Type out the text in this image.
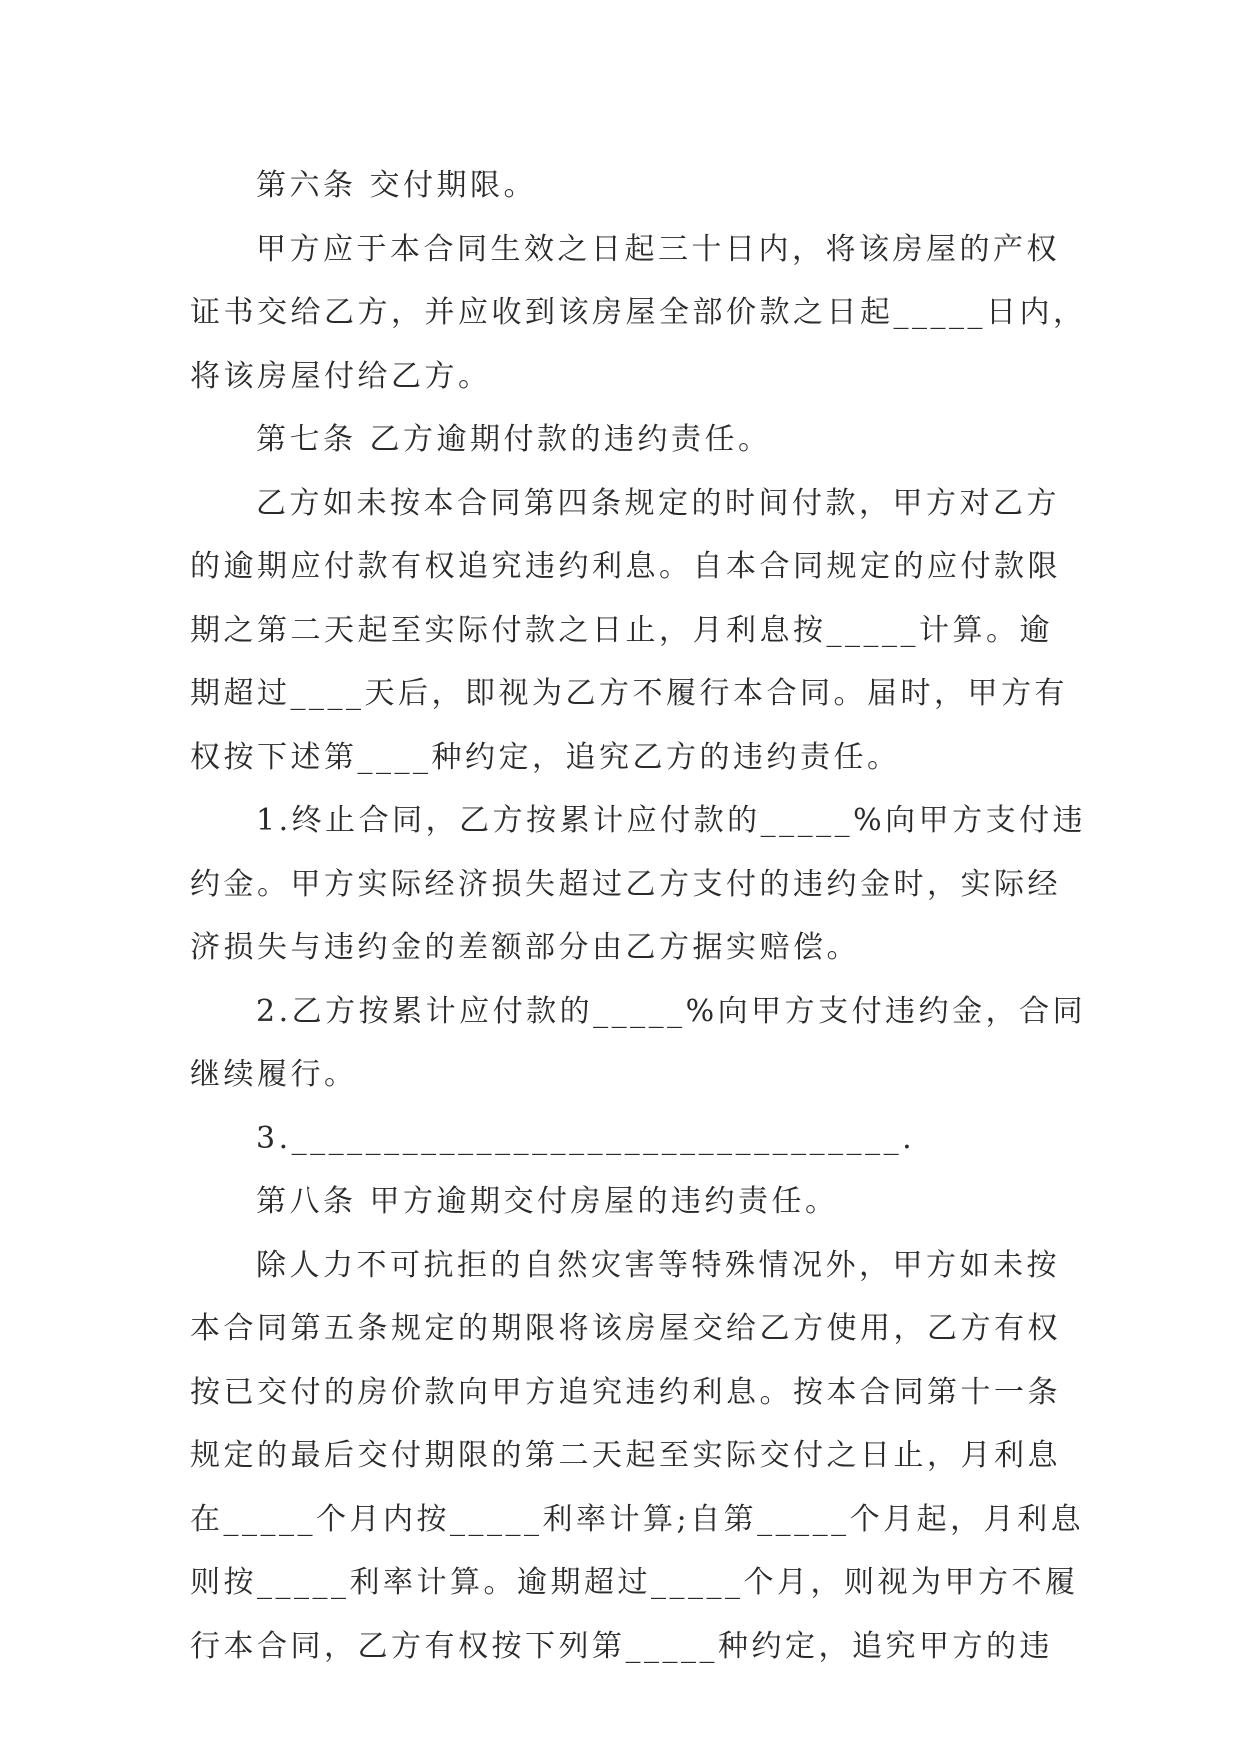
第六条 交付期限。
甲方应于本合同生效之日起三十日内，将该房屋的产权
证书交给乙方，并应收到该房屋全部价款之日起_____日内，
将该房屋付给乙方。
第七条 乙方逾期付款的违约责任。
乙方如未按本合同第四条规定的时间付款，甲方对乙方
的逾期应付款有权追究违约利息。自本合同规定的应付款限
期之第二天起至实际付款之日止，月利息按_____计算。逾
期超过____天后，即视为乙方不履行本合同。届时，甲方有
权按下述第____种约定，追究乙方的违约责任。
1.终止合同，乙方按累计应付款的_____%向甲方支付违
约金。甲方实际经济损失超过乙方支付的违约金时，实际经
济损失与违约金的差额部分由乙方据实赔偿。
2.乙方按累计应付款的_____%向甲方支付违约金，合同
继续履行。
3._________________________________.
第八条 甲方逾期交付房屋的违约责任。
除人力不可抗拒的自然灾害等特殊情况外，甲方如未按
本合同第五条规定的期限将该房屋交给乙方使用，乙方有权
按已交付的房价款向甲方追究违约利息。按本合同第十一条
规定的最后交付期限的第二天起至实际交付之日止，月利息
在_____个月内按_____利率计算;自第_____个月起，月利息
则按_____利率计算。逾期超过_____个月，则视为甲方不履
行本合同，乙方有权按下列第_____种约定，追究甲方的违
